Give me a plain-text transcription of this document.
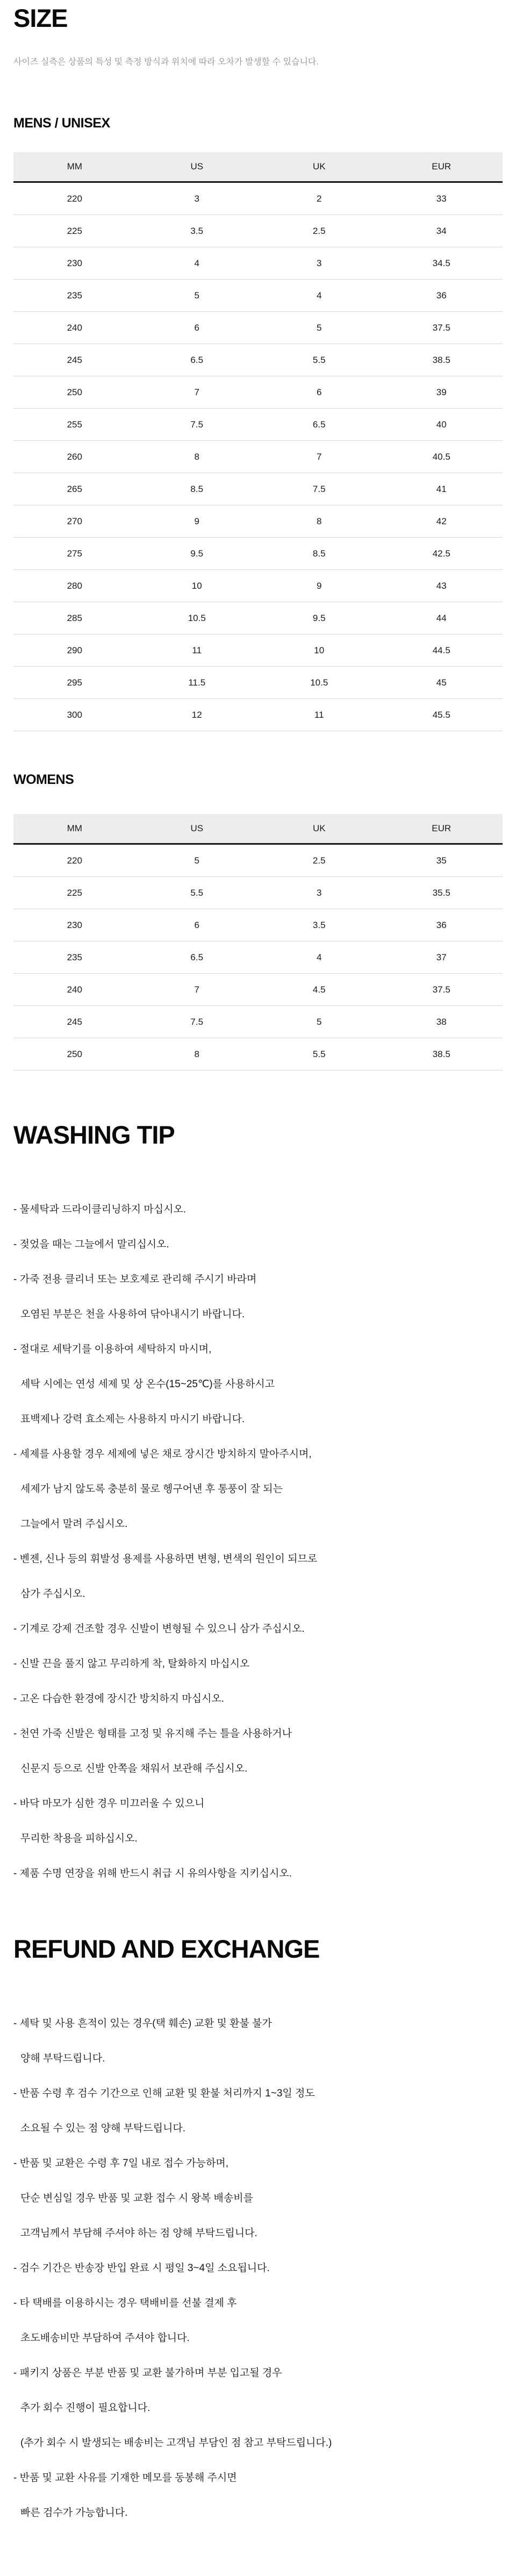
SIZE

사이즈 실측은 상품의 특성 및 측정 방식과 위치에 따라 오차가 발생할 수 있습니다.

MENS / UNISEX
MM	US	UK	EUR
220	3	2	33
225	3.5	2.5	34
230	4	3	34.5
235	5	4	36
240	6	5	37.5
245	6.5	5.5	38.5
250	7	6	39
255	7.5	6.5	40
260	8	7	40.5
265	8.5	7.5	41
270	9	8	42
275	9.5	8.5	42.5
280	10	9	43
285	10.5	9.5	44
290	11	10	44.5
295	11.5	10.5	45
300	12	11	45.5
WOMENS
MM	US	UK	EUR
220	5	2.5	35
225	5.5	3	35.5
230	6	3.5	36
235	6.5	4	37
240	7	4.5	37.5
245	7.5	5	38
250	8	5.5	38.5
WASHING TIP
- 물세탁과 드라이클리닝하지 마십시오.
- 젖었을 때는 그늘에서 말리십시오.
- 가죽 전용 클리너 또는 보호제로 관리해 주시기 바라며
오염된 부분은 천을 사용하여 닦아내시기 바랍니다.
- 절대로 세탁기를 이용하여 세탁하지 마시며,
세탁 시에는 연성 세제 및 상 온수(15~25℃)를 사용하시고
표백제나 강력 효소제는 사용하지 마시기 바랍니다.
- 세제를 사용할 경우 세제에 넣은 채로 장시간 방치하지 말아주시며,
세제가 남지 않도록 충분히 물로 헹구어낸 후 통풍이 잘 되는
그늘에서 말려 주십시오.
- 벤젠, 신나 등의 휘발성 용제를 사용하면 변형, 변색의 원인이 되므로
삼가 주십시오.
- 기계로 강제 건조할 경우 신발이 변형될 수 있으니 삼가 주십시오.
- 신발 끈을 풀지 않고 무리하게 착, 탈화하지 마십시오
- 고온 다습한 환경에 장시간 방치하지 마십시오.
- 천연 가죽 신발은 형태를 고정 및 유지해 주는 틀을 사용하거나
신문지 등으로 신발 안쪽을 채워서 보관해 주십시오.
- 바닥 마모가 심한 경우 미끄러울 수 있으니
무리한 착용을 피하십시오.
- 제품 수명 연장을 위해 반드시 취급 시 유의사항을 지키십시오.
REFUND AND EXCHANGE
- 세탁 및 사용 흔적이 있는 경우(택 훼손) 교환 및 환불 불가
양해 부탁드립니다.
- 반품 수령 후 검수 기간으로 인해 교환 및 환불 처리까지 1~3일 정도
소요될 수 있는 점 양해 부탁드립니다.
- 반품 및 교환은 수령 후 7일 내로 접수 가능하며,
단순 변심일 경우 반품 및 교환 접수 시 왕복 배송비를
고객님께서 부담해 주셔야 하는 점 양해 부탁드립니다.
- 검수 기간은 반송장 반입 완료 시 평일 3~4일 소요됩니다.
- 타 택배를 이용하시는 경우 택배비를 선불 결제 후
초도배송비만 부담하여 주셔야 합니다.
- 패키지 상품은 부분 반품 및 교환 불가하며 부분 입고될 경우
추가 회수 진행이 필요합니다.
(추가 회수 시 발생되는 배송비는 고객님 부담인 점 참고 부탁드립니다.)
- 반품 및 교환 사유를 기재한 메모를 동봉해 주시면
빠른 검수가 가능합니다.
